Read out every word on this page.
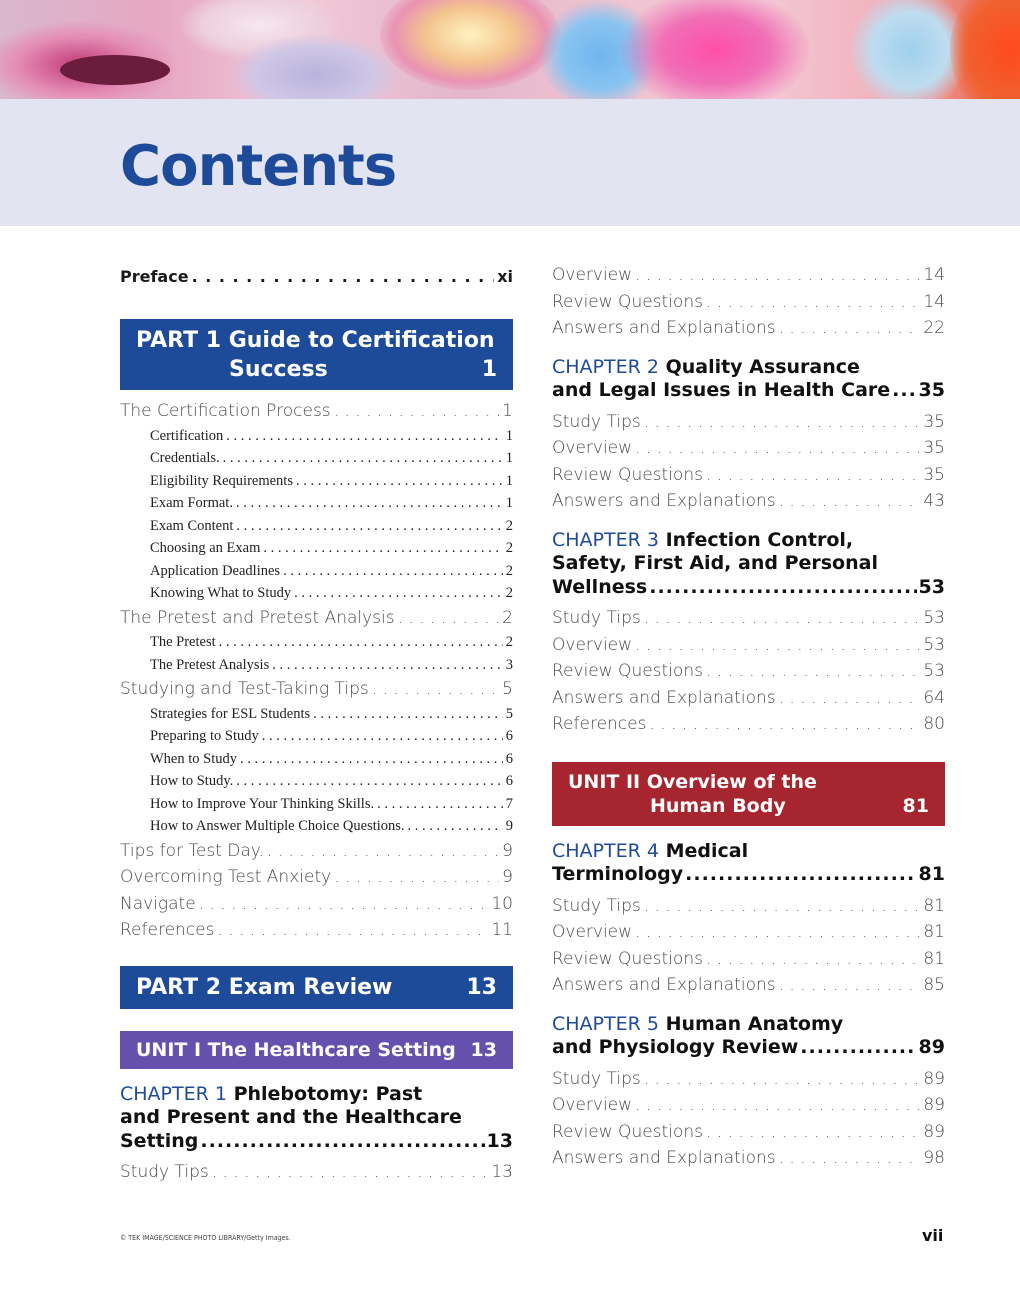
Contents
Preface . . .	xi
PART 1 Guide to Certification
Success	1
The Certification Process . . .	1
Certification . . .	1
Credentials. . . .	1
Eligibility Requirements . . .	1
Exam Format. . . .	1
Exam Content . . .	2
Choosing an Exam . . .	2
Application Deadlines . . .	2
Knowing What to Study . . .	2
The Pretest and Pretest Analysis . . .	2
The Pretest . . .	2
The Pretest Analysis . . .	3
Studying and Test-Taking Tips . . .	5
Strategies for ESL Students . . .	5
Preparing to Study . . .	6
When to Study . . .	6
How to Study. . . .	6
How to Improve Your Thinking Skills. . . .	7
How to Answer Multiple Choice Questions. . . .	9
Tips for Test Day. . . .	9
Overcoming Test Anxiety . . .	9
Navigate . . .	10
References . . .	11
PART 2 Exam Review	13
UNIT I The Healthcare Setting 13
CHAPTER 1 Phlebotomy: Past
and Present and the Healthcare
Setting .....	13
Study Tips . . .	13
Overview . . .	14
Review Questions . . .	14
Answers and Explanations . . .	22
CHAPTER 2 Quality Assurance
and Legal Issues in Health Care ..... 35
Study Tips . . .	35
Overview . . .	35
Review Questions . . .	35
Answers and Explanations . . .	43
CHAPTER 3 Infection Control,
Safety, First Aid, and Personal
Wellness .....	53
Study Tips . . .	53
Overview . . .	53
Review Questions . . .	53
Answers and Explanations . . .	64
References . . .	80
UNIT II Overview of the
Human Body	81
CHAPTER 4 Medical
Terminology .....	81
Study Tips . . .	81
Overview . . .	81
Review Questions . . .	81
Answers and Explanations . . .	85
CHAPTER 5 Human Anatomy
and Physiology Review .....	89
Study Tips . . .	89
Overview . . .	89
Review Questions . . .	89
Answers and Explanations . . .	98
© TEK IMAGE/SCIENCE PHOTO LIBRARY/Getty Images.	vii
